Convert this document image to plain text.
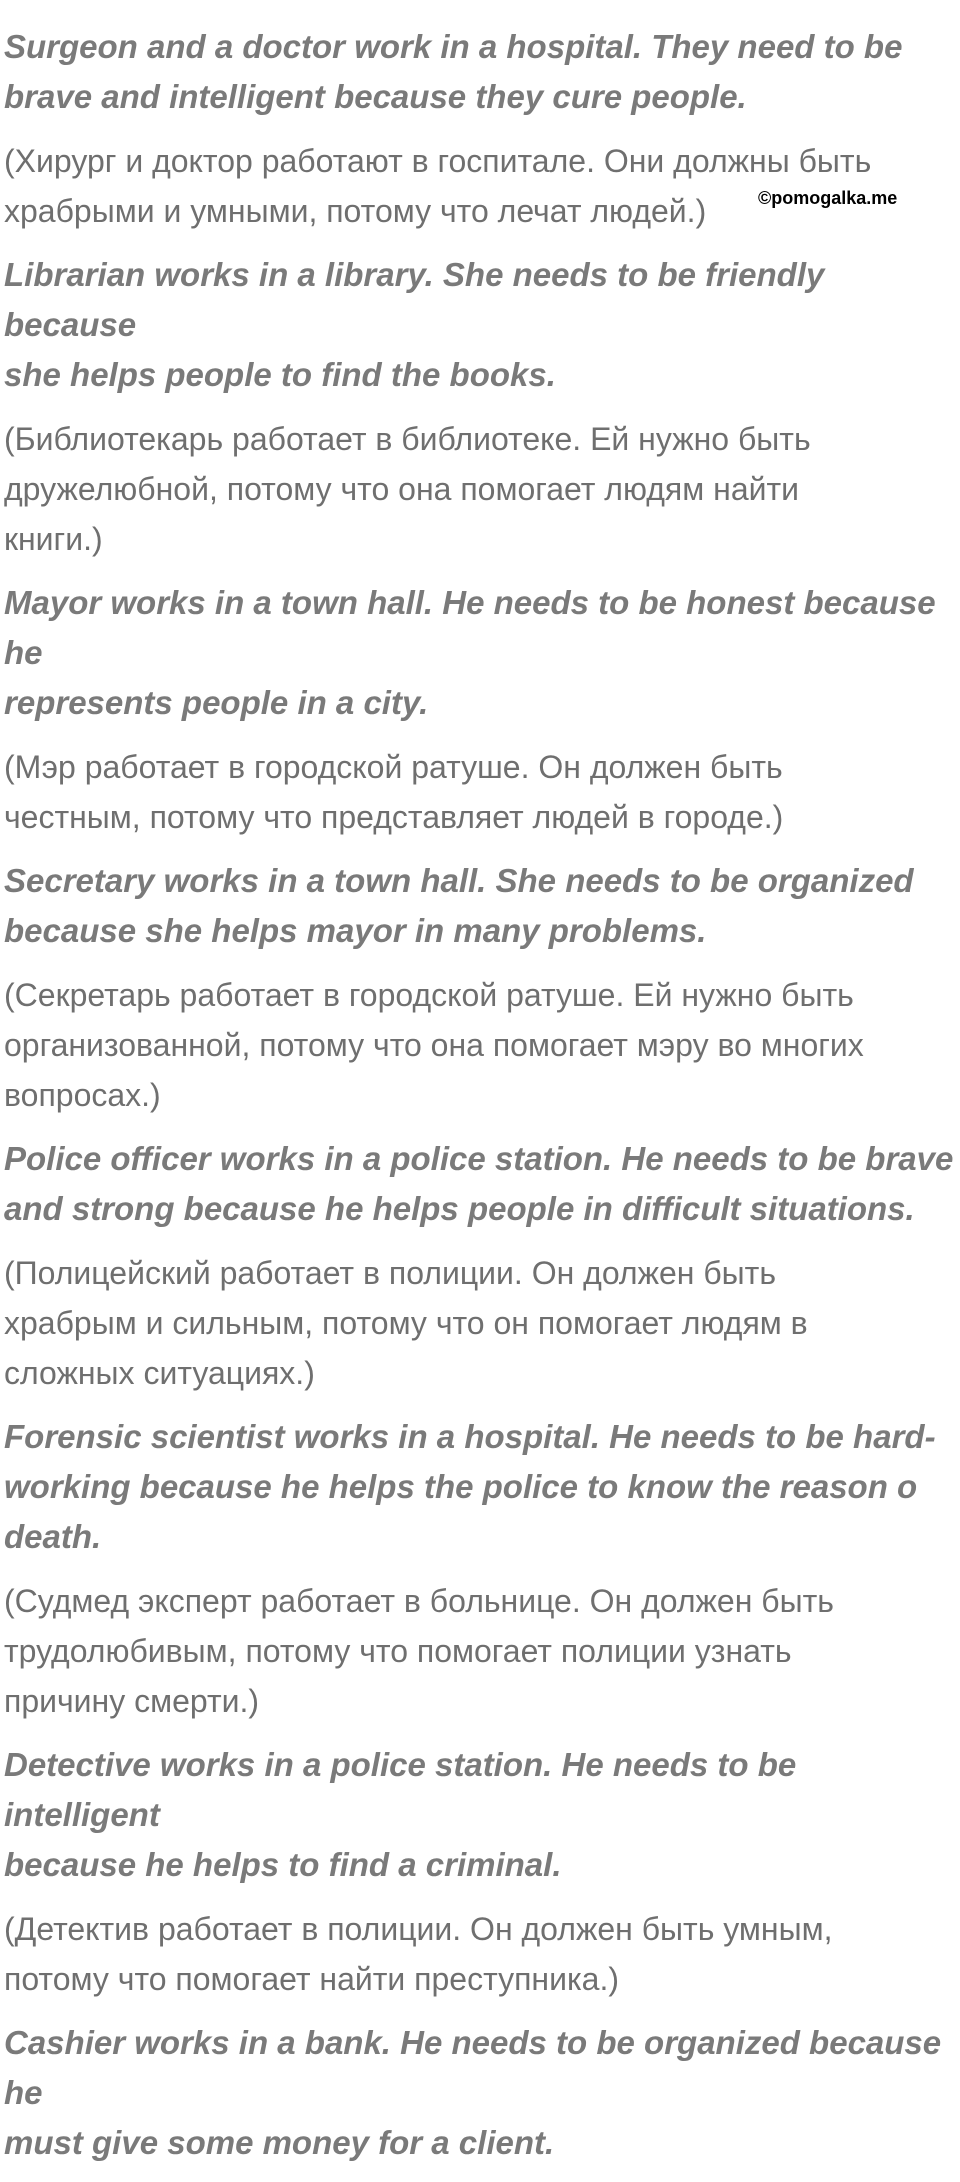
Surgeon and a doctor work in a hospital. They need to be
brave and intelligent because they cure people.

(Хирург и доктор работают в госпитале. Они должны быть
храбрыми и умными, потому что лечат людей.)

Librarian works in a library. She needs to be friendly because
she helps people to find the books.

(Библиотекарь работает в библиотеке. Ей нужно быть
дружелюбной, потому что она помогает людям найти
книги.)

Mayor works in a town hall. He needs to be honest because he
represents people in a city.

(Мэр работает в городской ратуше. Он должен быть
честным, потому что представляет людей в городе.)

Secretary works in a town hall. She needs to be organized
because she helps mayor in many problems.

(Секретарь работает в городской ратуше. Ей нужно быть
организованной, потому что она помогает мэру во многих
вопросах.)

Police officer works in a police station. He needs to be brave
and strong because he helps people in difficult situations.

(Полицейский работает в полиции. Он должен быть
храбрым и сильным, потому что он помогает людям в
сложных ситуациях.)

Forensic scientist works in a hospital. He needs to be hard-
working because he helps the police to know the reason o
death.

(Судмед эксперт работает в больнице. Он должен быть
трудолюбивым, потому что помогает полиции узнать
причину смерти.)

Detective works in a police station. He needs to be intelligent
because he helps to find a criminal.

(Детектив работает в полиции. Он должен быть умным,
потому что помогает найти преступника.)

Cashier works in a bank. He needs to be organized because he
must give some money for a client.

©pomogalka.me
